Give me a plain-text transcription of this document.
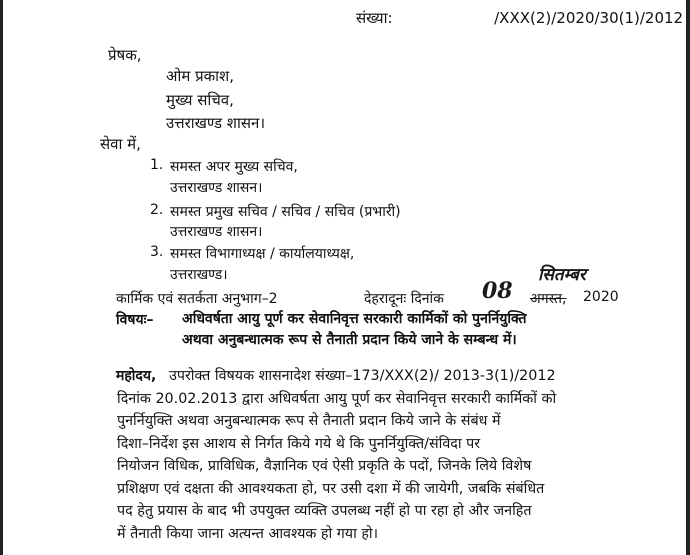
संख्या:	/XXX(2)/2020/30(1)/2012
प्रेषक,
ओम प्रकाश,
मुख्य सचिव,
उत्तराखण्ड शासन।
सेवा में,
1. समस्त अपर मुख्य सचिव,
उत्तराखण्ड शासन।
2. समस्त प्रमुख सचिव / सचिव / सचिव (प्रभारी)
उत्तराखण्ड शासन।
3. समस्त विभागाध्यक्ष / कार्यालयाध्यक्ष,
उत्तराखण्ड।
कार्मिक एवं सतर्कता अनुभाग–2	देहरादूनः दिनांक 08
सितम्बर
अगस्त, 2020
विषयः– अधिवर्षता आयु पूर्ण कर सेवानिवृत्त सरकारी कार्मिकों को पुनर्नियुक्ति
अथवा अनुबन्धात्मक रूप से तैनाती प्रदान किये जाने के सम्बन्ध में।
महोदय, उपरोक्त विषयक शासनादेश संख्या–173/XXX(2)/ 2013-3(1)/2012
दिनांक 20.02.2013 द्वारा अधिवर्षता आयु पूर्ण कर सेवानिवृत्त सरकारी कार्मिकों को
पुनर्नियुक्ति अथवा अनुबन्धात्मक रूप से तैनाती प्रदान किये जाने के संबंध में
दिशा–निर्देश इस आशय से निर्गत किये गये थे कि पुनर्नियुक्ति/संविदा पर
नियोजन विधिक, प्राविधिक, वैज्ञानिक एवं ऐसी प्रकृति के पदों, जिनके लिये विशेष
प्रशिक्षण एवं दक्षता की आवश्यकता हो, पर उसी दशा में की जायेगी, जबकि संबंधित
पद हेतु प्रयास के बाद भी उपयुक्त व्यक्ति उपलब्ध नहीं हो पा रहा हो और जनहित
में तैनाती किया जाना अत्यन्त आवश्यक हो गया हो।
